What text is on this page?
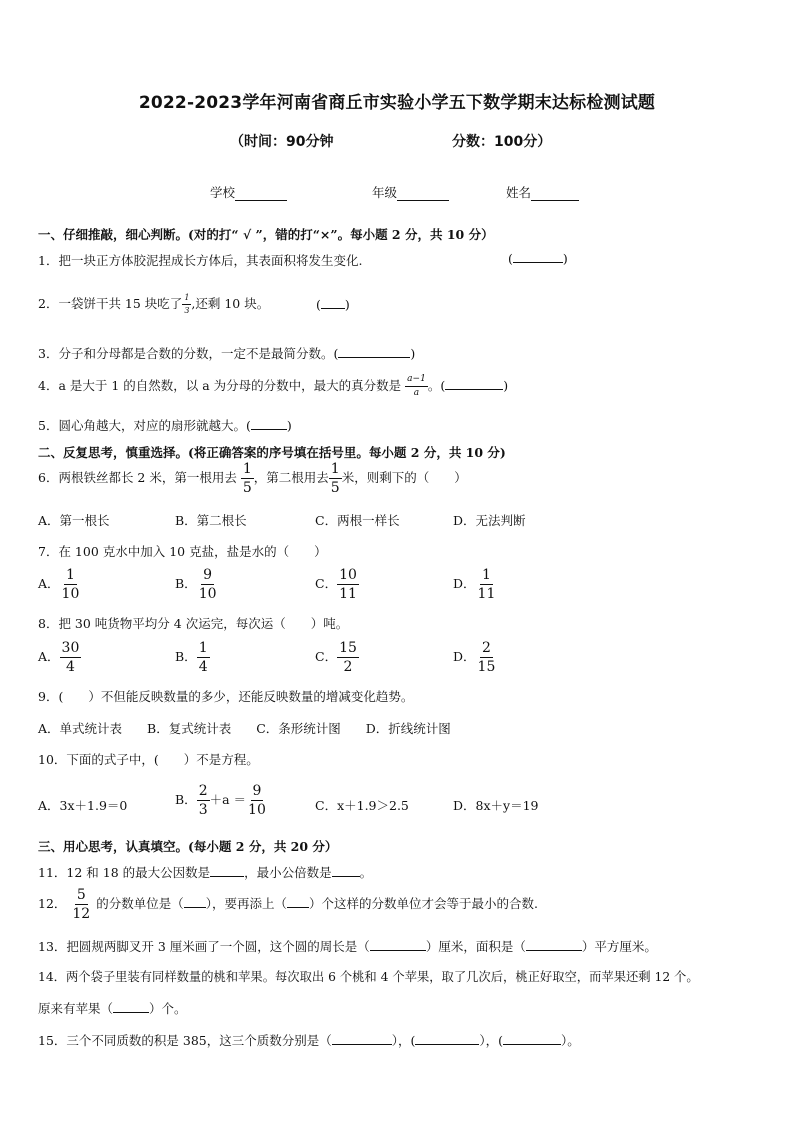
2022-2023学年河南省商丘市实验小学五下数学期末达标检测试题
（时间：90分钟	分数：100分）
学校	年级	姓名
一、仔细推敲，细心判断。(对的打“ √ ”，错的打“×”。每小题 2 分，共 10 分）
1．把一块正方体胶泥捏成长方体后，其表面积将发生变化.	(	)
2．一袋饼干共 15 块吃了 $\frac{1}{3}$ ,还剩 10 块。	( )
3．分子和分母都是合数的分数，一定不是最简分数。(	)
4．a 是大于 1 的自然数，以 a 为分母的分数中，最大的真分数是 $\frac{a-1}{a}$ 。(	)
5．圆心角越大，对应的扇形就越大。(	)
二、反复思考，慎重选择。(将正确答案的序号填在括号里。每小题 2 分，共 10 分)
6．两根铁丝都长 2 米，第一根用去 $\frac{1}{5}$ ，第二根用去 $\frac{1}{5}$ 米，则剩下的（　　）
A．第一根长	B．第二根长	C．两根一样长	D．无法判断
7．在 100 克水中加入 10 克盐，盐是水的（　　）
A． $\frac{1}{10}$	B． $\frac{9}{10}$	C． $\frac{10}{11}$	D． $\frac{1}{11}$
8．把 30 吨货物平均分 4 次运完，每次运（　　）吨。
A． $\frac{30}{4}$	B． $\frac{1}{4}$	C． $\frac{15}{2}$	D． $\frac{2}{15}$
9．(　　）不但能反映数量的多少，还能反映数量的增减变化趋势。
A．单式统计表　　B．复式统计表　　C．条形统计图　　D．折线统计图
10．下面的式子中，(　　）不是方程。
A．3x＋1.9＝0	B． $\frac{2}{3} +a = \frac{9}{10}$	C．x＋1.9＞2.5	D．8x＋y＝19
三、用心思考，认真填空。(每小题 2 分，共 20 分）
11．12 和 18 的最大公因数是	，最小公倍数是 。
12． $\frac{5}{12}$ 的分数单位是（ ），要再添上（ ）个这样的分数单位才会等于最小的合数.
13．把圆规两脚叉开 3 厘米画了一个圆，这个圆的周长是（	）厘米，面积是（	）平方厘米。
14．两个袋子里装有同样数量的桃和苹果。每次取出 6 个桃和 4 个苹果，取了几次后，桃正好取空，而苹果还剩 12 个。
原来有苹果（	）个。
15．三个不同质数的积是 385，这三个质数分别是（	），(	），(	）。
